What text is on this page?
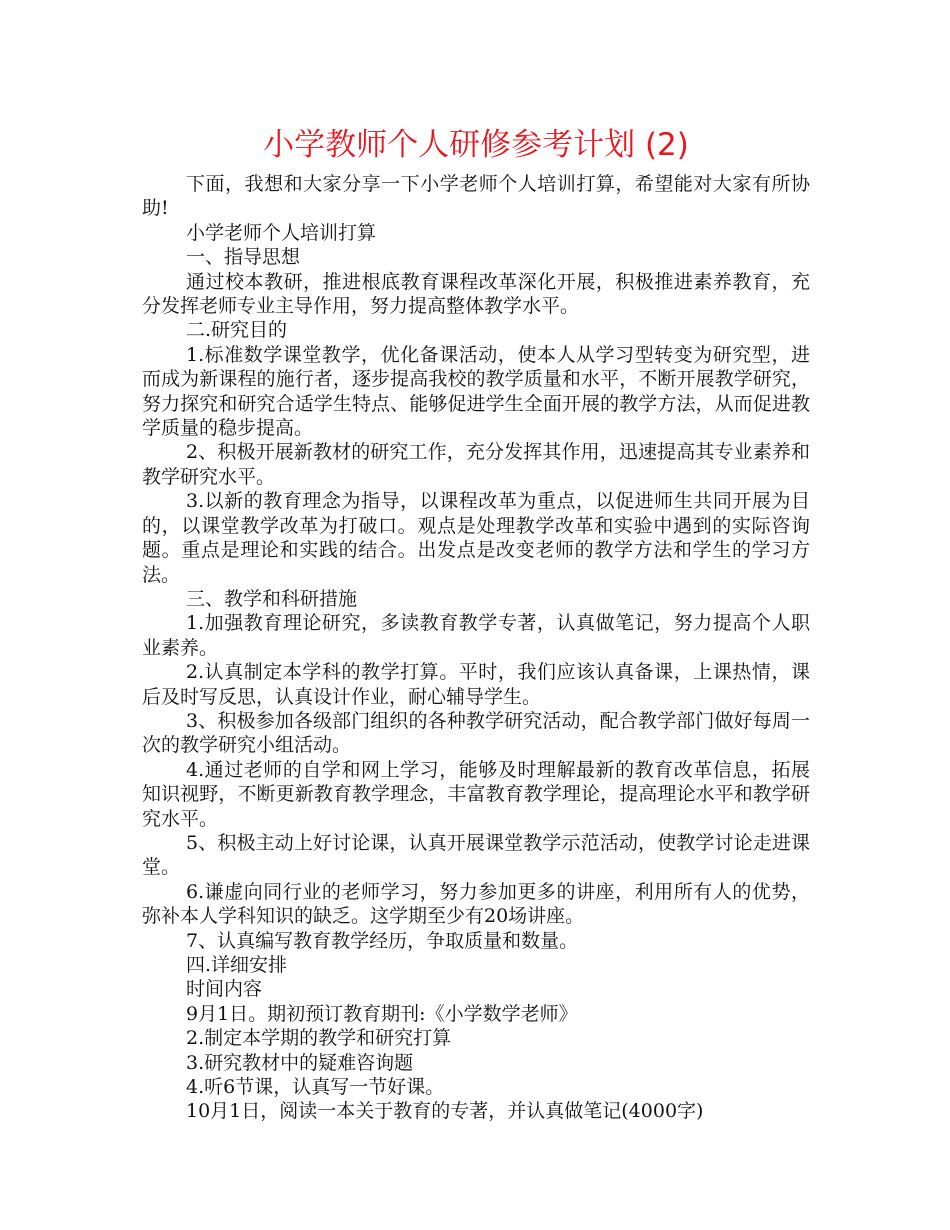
小学教师个人研修参考计划 (2)

下面，我想和大家分享一下小学老师个人培训打算，希望能对大家有所协助!

小学老师个人培训打算

一、指导思想

通过校本教研，推进根底教育课程改革深化开展，积极推进素养教育，充分发挥老师专业主导作用，努力提高整体教学水平。

二.研究目的

1.标准数学课堂教学，优化备课活动，使本人从学习型转变为研究型，进而成为新课程的施行者，逐步提高我校的教学质量和水平，不断开展教学研究，努力探究和研究合适学生特点、能够促进学生全面开展的教学方法，从而促进教学质量的稳步提高。

2、积极开展新教材的研究工作，充分发挥其作用，迅速提高其专业素养和教学研究水平。

3.以新的教育理念为指导，以课程改革为重点，以促进师生共同开展为目的，以课堂教学改革为打破口。观点是处理教学改革和实验中遇到的实际咨询题。重点是理论和实践的结合。出发点是改变老师的教学方法和学生的学习方法。

三、教学和科研措施

1.加强教育理论研究，多读教育教学专著，认真做笔记，努力提高个人职业素养。

2.认真制定本学科的教学打算。平时，我们应该认真备课，上课热情，课后及时写反思，认真设计作业，耐心辅导学生。

3、积极参加各级部门组织的各种教学研究活动，配合教学部门做好每周一次的教学研究小组活动。

4.通过老师的自学和网上学习，能够及时理解最新的教育改革信息，拓展知识视野，不断更新教育教学理念，丰富教育教学理论，提高理论水平和教学研究水平。

5、积极主动上好讨论课，认真开展课堂教学示范活动，使教学讨论走进课堂。

6.谦虚向同行业的老师学习，努力参加更多的讲座，利用所有人的优势，弥补本人学科知识的缺乏。这学期至少有20场讲座。

7、认真编写教育教学经历，争取质量和数量。

四.详细安排

时间内容

9月1日。期初预订教育期刊:《小学数学老师》

2.制定本学期的教学和研究打算

3.研究教材中的疑难咨询题

4.听6节课，认真写一节好课。

10月1日，阅读一本关于教育的专著，并认真做笔记(4000字)
